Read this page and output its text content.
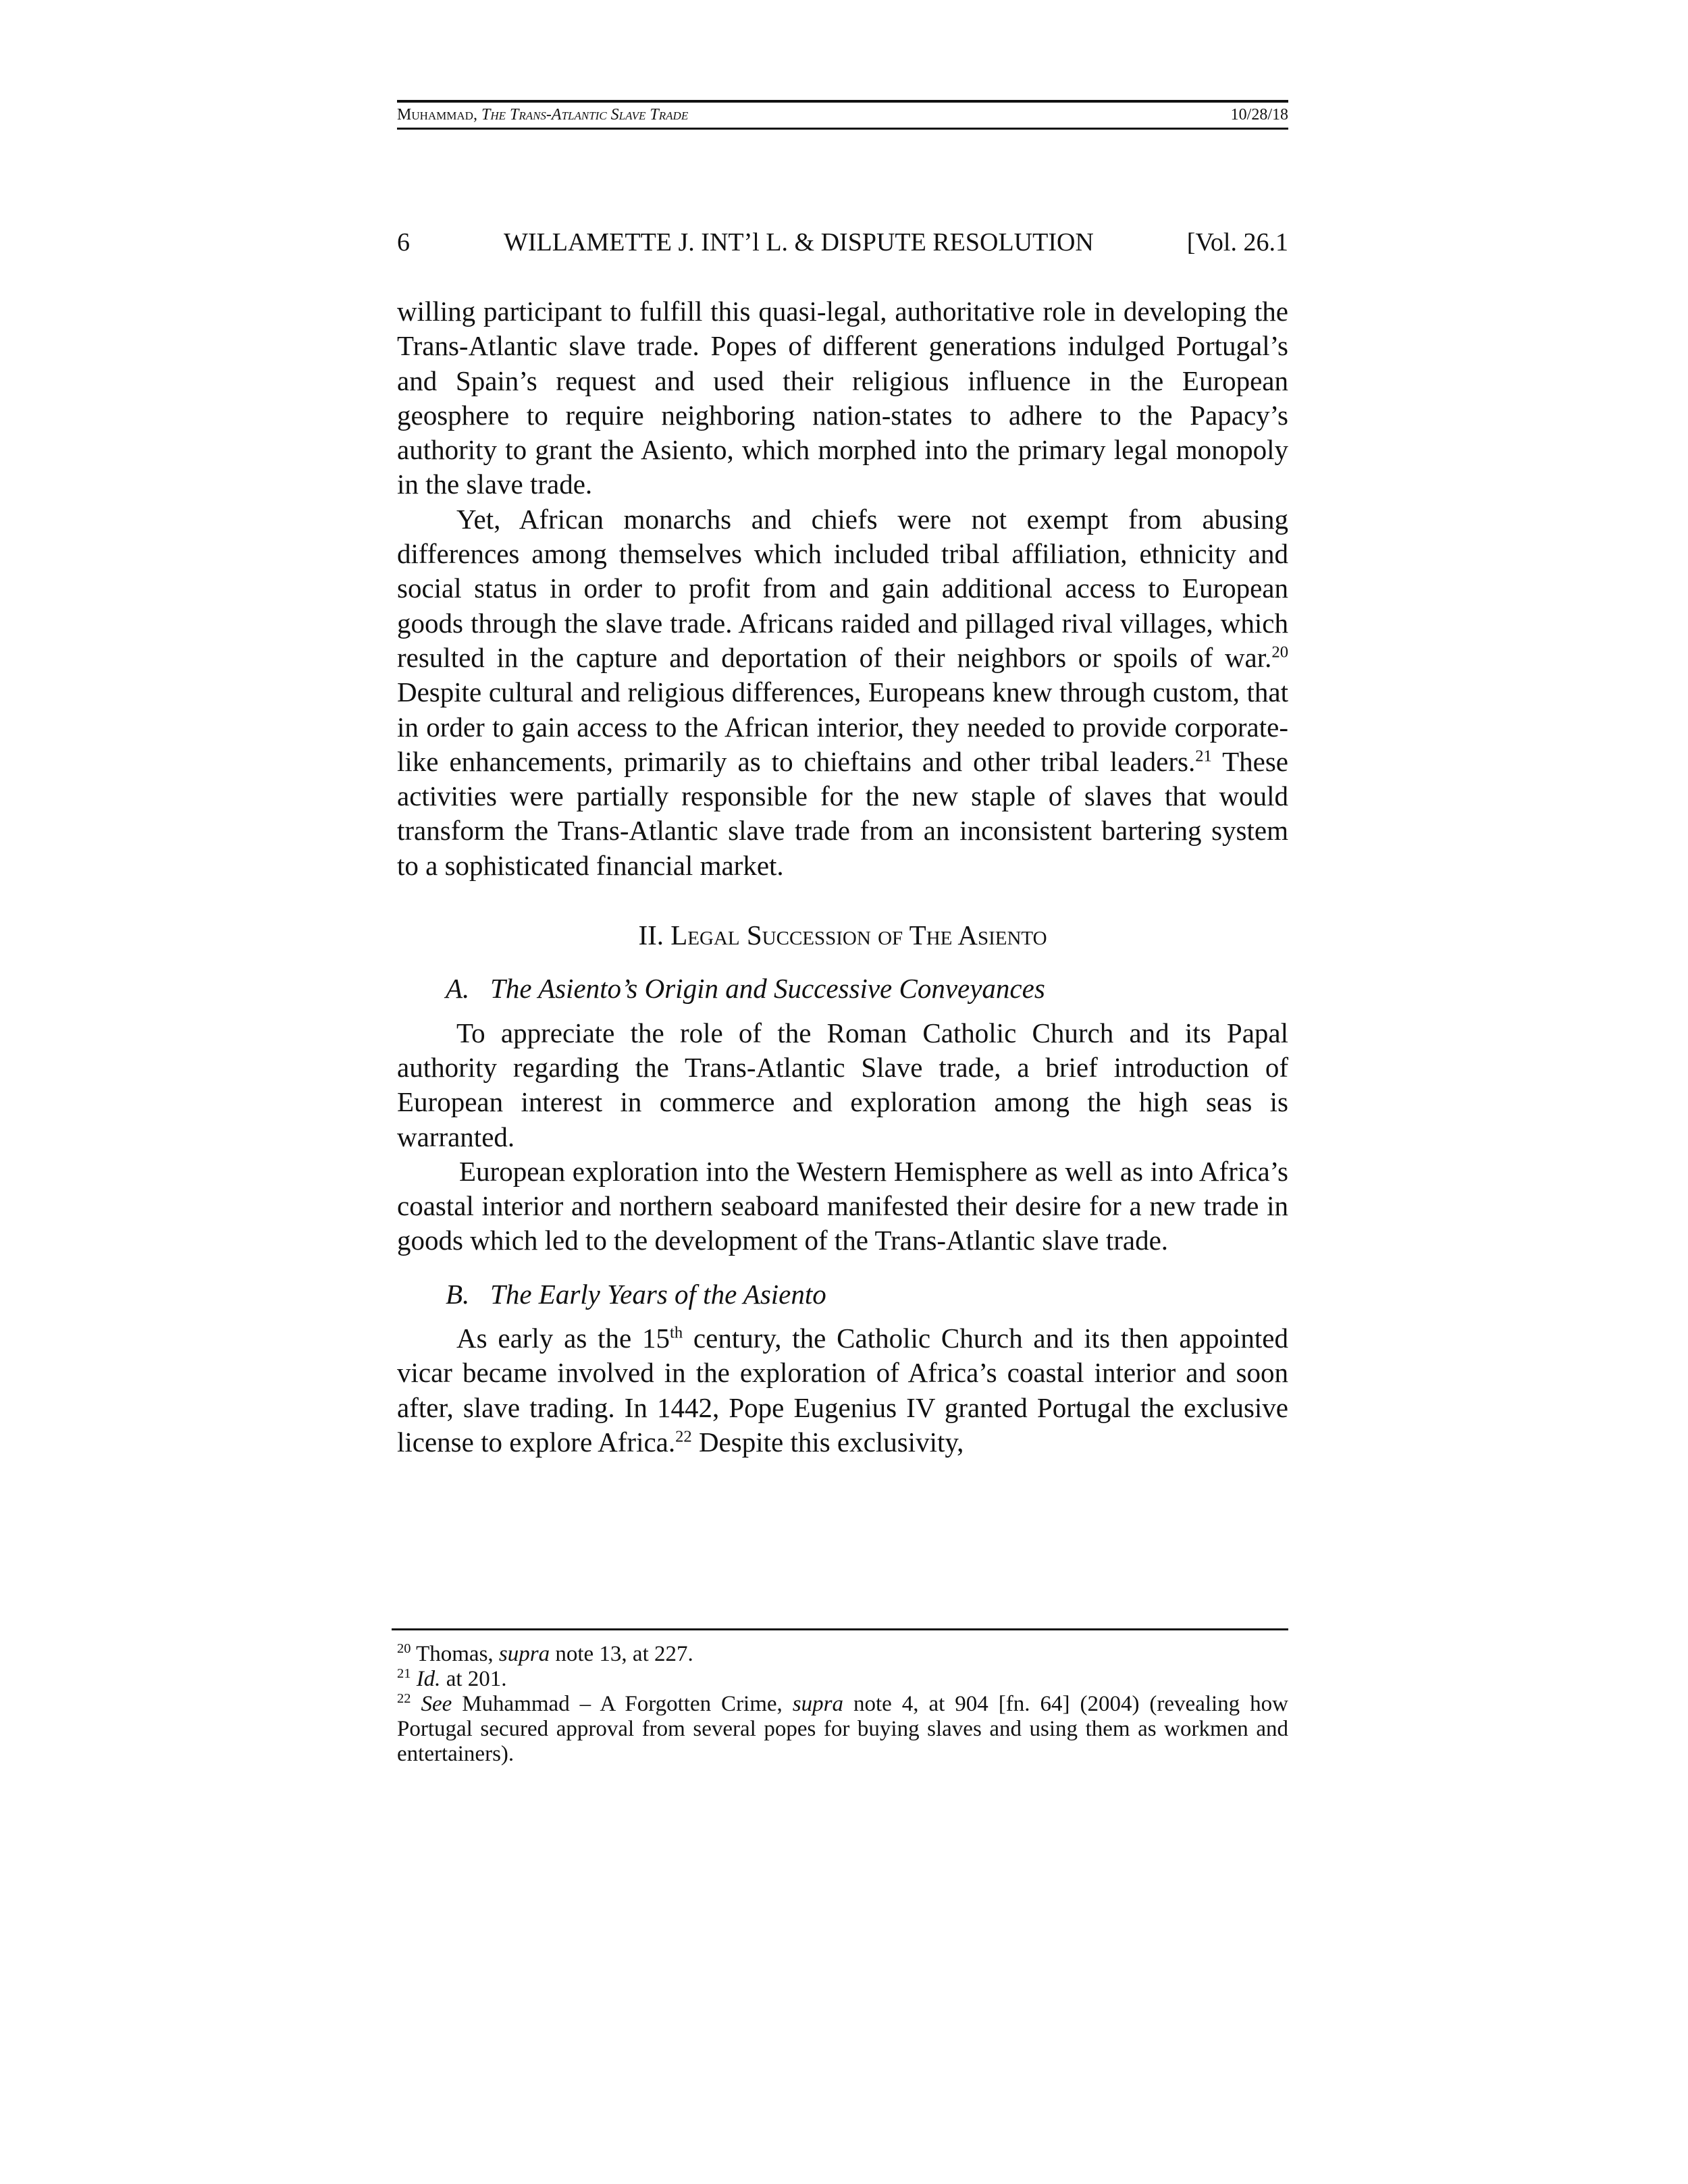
Muhammad, The Trans-Atlantic Slave Trade	10/28/18
6	WILLAMETTE J. INT’l L. & DISPUTE RESOLUTION	[Vol. 26.1

willing participant to fulfill this quasi-legal, authoritative role in developing the Trans-Atlantic slave trade. Popes of different generations indulged Portugal’s and Spain’s request and used their religious influence in the European geosphere to require neighboring nation-states to adhere to the Papacy’s authority to grant the Asiento, which morphed into the primary legal monopoly in the slave trade.

Yet, African monarchs and chiefs were not exempt from abusing differences among themselves which included tribal affiliation, ethnicity and social status in order to profit from and gain additional access to European goods through the slave trade. Africans raided and pillaged rival villages, which resulted in the capture and deportation of their neighbors or spoils of war.$^{20}$ Despite cultural and religious differences, Europeans knew through custom, that in order to gain access to the African interior, they needed to provide corporate-like enhancements, primarily as to chieftains and other tribal leaders.$^{21}$ These activities were partially responsible for the new staple of slaves that would transform the Trans-Atlantic slave trade from an inconsistent bartering system to a sophisticated financial market.

II. Legal Succession of The Asiento

A.   The Asiento’s Origin and Successive Conveyances

To appreciate the role of the Roman Catholic Church and its Papal authority regarding the Trans-Atlantic Slave trade, a brief introduction of European interest in commerce and exploration among the high seas is warranted.

European exploration into the Western Hemisphere as well as into Africa’s coastal interior and northern seaboard manifested their desire for a new trade in goods which led to the development of the Trans-Atlantic slave trade.

B.   The Early Years of the Asiento

As early as the 15th century, the Catholic Church and its then appointed vicar became involved in the exploration of Africa’s coastal interior and soon after, slave trading. In 1442, Pope Eugenius IV granted Portugal the exclusive license to explore Africa.$^{22}$ Despite this exclusivity,

$^{20}$ Thomas, supra note 13, at 227.

$^{21}$ Id. at 201.

$^{22}$ See Muhammad – A Forgotten Crime, supra note 4, at 904 [fn. 64] (2004) (revealing how Portugal secured approval from several popes for buying slaves and using them as workmen and entertainers).
